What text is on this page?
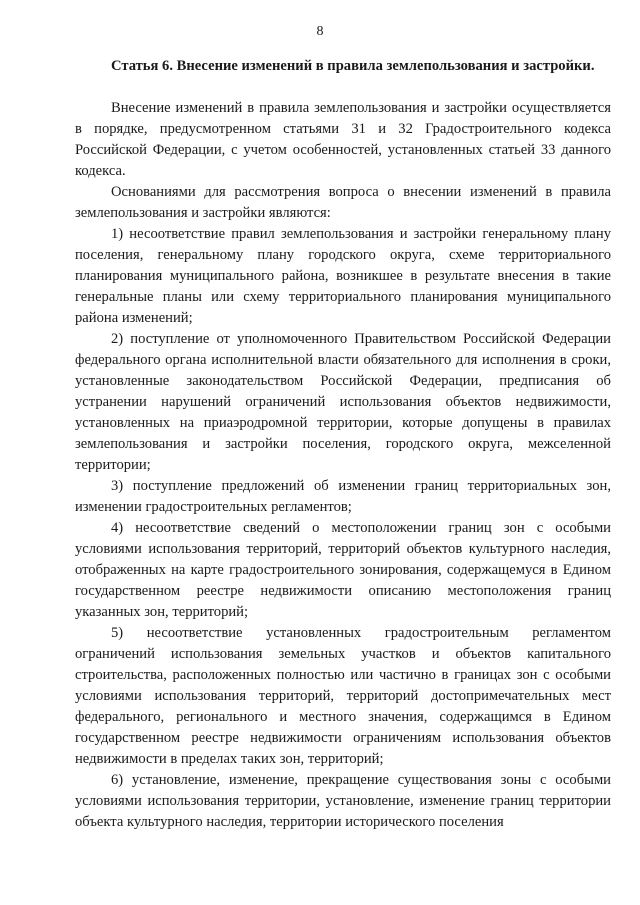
8

Статья 6. Внесение изменений в правила землепользования и застройки.

Внесение изменений в правила землепользования и застройки осуществляется в порядке, предусмотренном статьями 31 и 32 Градостроительного кодекса Российской Федерации, с учетом особенностей, установленных статьей 33 данного кодекса.

Основаниями для рассмотрения вопроса о внесении изменений в правила землепользования и застройки являются:

1) несоответствие правил землепользования и застройки генеральному плану поселения, генеральному плану городского округа, схеме территориального планирования муниципального района, возникшее в результате внесения в такие генеральные планы или схему территориального планирования муниципального района изменений;

2) поступление от уполномоченного Правительством Российской Федерации федерального органа исполнительной власти обязательного для исполнения в сроки, установленные законодательством Российской Федерации, предписания об устранении нарушений ограничений использования объектов недвижимости, установленных на приаэродромной территории, которые допущены в правилах землепользования и застройки поселения, городского округа, межселенной территории;

3) поступление предложений об изменении границ территориальных зон, изменении градостроительных регламентов;

4) несоответствие сведений о местоположении границ зон с особыми условиями использования территорий, территорий объектов культурного наследия, отображенных на карте градостроительного зонирования, содержащемуся в Едином государственном реестре недвижимости описанию местоположения границ указанных зон, территорий;

5) несоответствие установленных градостроительным регламентом ограничений использования земельных участков и объектов капитального строительства, расположенных полностью или частично в границах зон с особыми условиями использования территорий, территорий достопримечательных мест федерального, регионального и местного значения, содержащимся в Едином государственном реестре недвижимости ограничениям использования объектов недвижимости в пределах таких зон, территорий;

6) установление, изменение, прекращение существования зоны с особыми условиями использования территории, установление, изменение границ территории объекта культурного наследия, территории исторического поселения
